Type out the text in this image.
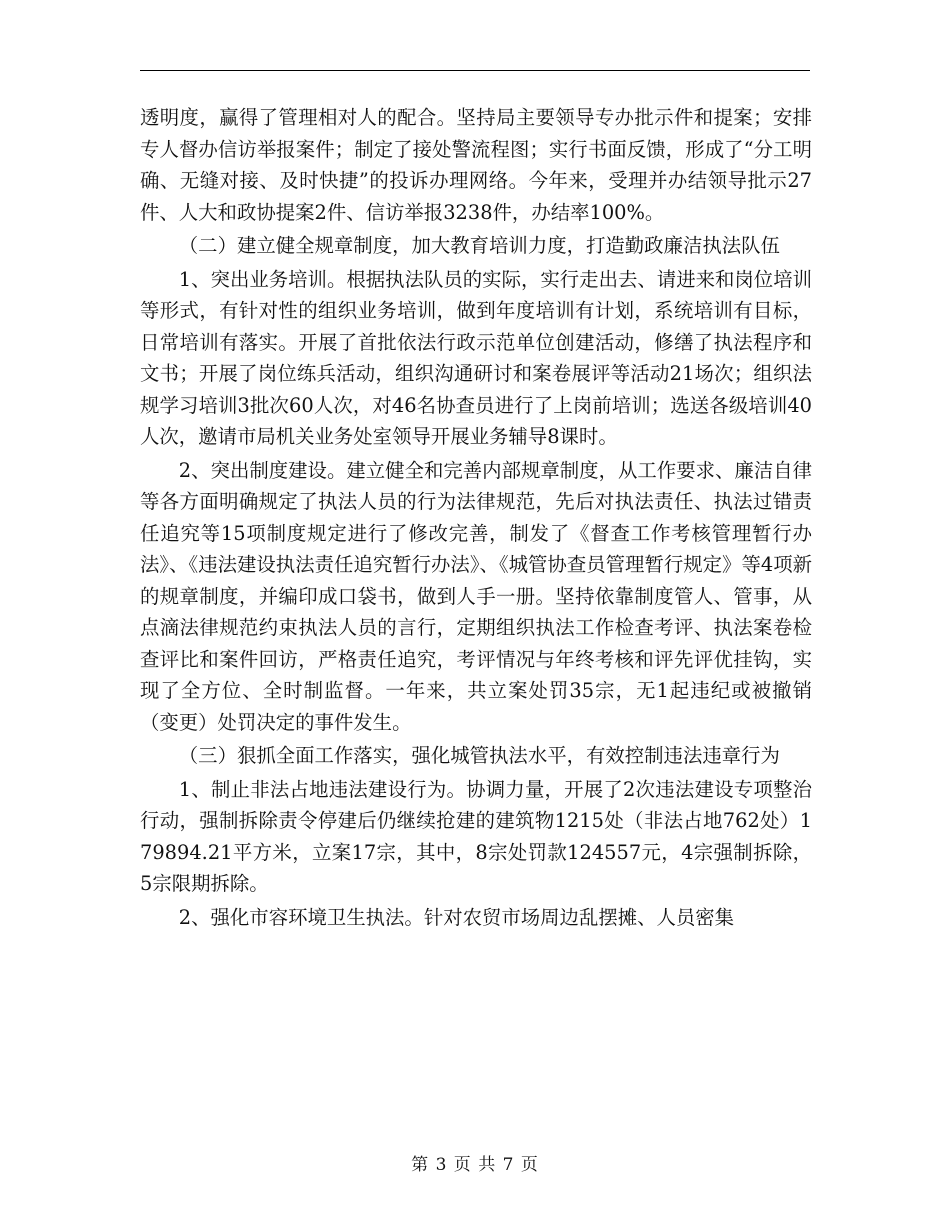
透明度，赢得了管理相对人的配合。坚持局主要领导专办批示件和提案；安排专人督办信访举报案件；制定了接处警流程图；实行书面反馈，形成了“分工明确、无缝对接、及时快捷”的投诉办理网络。今年来，受理并办结领导批示27件、人大和政协提案2件、信访举报3238件，办结率100%。

（二）建立健全规章制度，加大教育培训力度，打造勤政廉洁执法队伍

1、突出业务培训。根据执法队员的实际，实行走出去、请进来和岗位培训等形式，有针对性的组织业务培训，做到年度培训有计划，系统培训有目标，日常培训有落实。开展了首批依法行政示范单位创建活动，修缮了执法程序和文书；开展了岗位练兵活动，组织沟通研讨和案卷展评等活动21场次；组织法规学习培训3批次60人次，对46名协查员进行了上岗前培训；选送各级培训40人次，邀请市局机关业务处室领导开展业务辅导8课时。

2、突出制度建设。建立健全和完善内部规章制度，从工作要求、廉洁自律等各方面明确规定了执法人员的行为法律规范，先后对执法责任、执法过错责任追究等15项制度规定进行了修改完善，制发了《督查工作考核管理暂行办法》、《违法建设执法责任追究暂行办法》、《城管协查员管理暂行规定》等4项新的规章制度，并编印成口袋书，做到人手一册。坚持依靠制度管人、管事，从点滴法律规范约束执法人员的言行，定期组织执法工作检查考评、执法案卷检查评比和案件回访，严格责任追究，考评情况与年终考核和评先评优挂钩，实现了全方位、全时制监督。一年来，共立案处罚35宗，无1起违纪或被撤销（变更）处罚决定的事件发生。

（三）狠抓全面工作落实，强化城管执法水平，有效控制违法违章行为

1、制止非法占地违法建设行为。协调力量，开展了2次违法建设专项整治行动，强制拆除责令停建后仍继续抢建的建筑物1215处（非法占地762处）179894.21平方米，立案17宗，其中，8宗处罚款124557元，4宗强制拆除，5宗限期拆除。

2、强化市容环境卫生执法。针对农贸市场周边乱摆摊、人员密集

第 3 页 共 7 页
